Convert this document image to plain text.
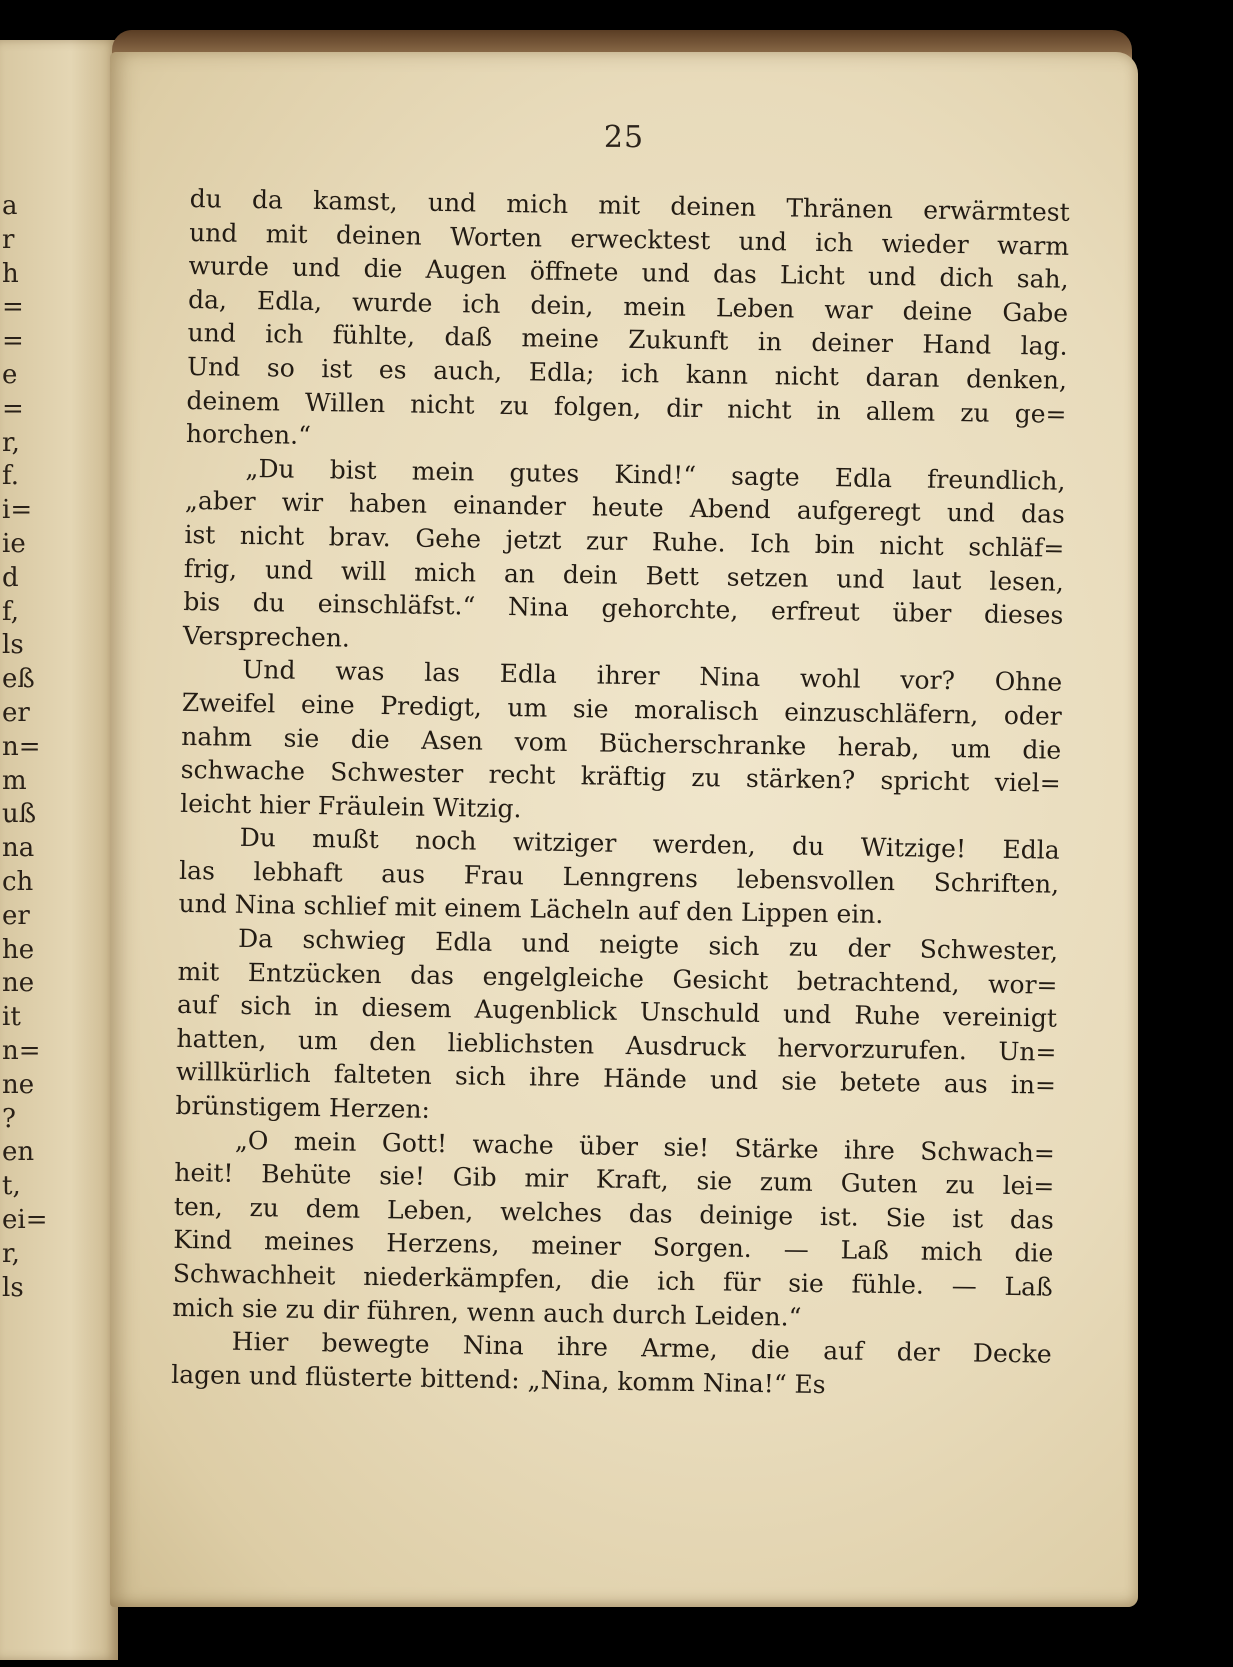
a
r
h
=
=
e
=
r,
f.
i=
ie
d
f,
ls
eß
er
n=
m
uß
na
ch
er
he
ne
it
n=
ne
?
en
t,
ei=
r,
ls
25
du da kamst, und mich mit deinen Thränen erwärmtest
und mit deinen Worten erwecktest und ich wieder warm
wurde und die Augen öffnete und das Licht und dich sah,
da, Edla, wurde ich dein, mein Leben war deine Gabe
und ich fühlte, daß meine Zukunft in deiner Hand lag.
Und so ist es auch, Edla; ich kann nicht daran denken,
deinem Willen nicht zu folgen, dir nicht in allem zu ge=
horchen.“
„Du bist mein gutes Kind!“ sagte Edla freundlich,
„aber wir haben einander heute Abend aufgeregt und das
ist nicht brav. Gehe jetzt zur Ruhe. Ich bin nicht schläf=
frig, und will mich an dein Bett setzen und laut lesen,
bis du einschläfst.“ Nina gehorchte, erfreut über dieses
Versprechen.
Und was las Edla ihrer Nina wohl vor? Ohne
Zweifel eine Predigt, um sie moralisch einzuschläfern, oder
nahm sie die Asen vom Bücherschranke herab, um die
schwache Schwester recht kräftig zu stärken? spricht viel=
leicht hier Fräulein Witzig.
Du mußt noch witziger werden, du Witzige! Edla
las lebhaft aus Frau Lenngrens lebensvollen Schriften,
und Nina schlief mit einem Lächeln auf den Lippen ein.
Da schwieg Edla und neigte sich zu der Schwester,
mit Entzücken das engelgleiche Gesicht betrachtend, wor=
auf sich in diesem Augenblick Unschuld und Ruhe vereinigt
hatten, um den lieblichsten Ausdruck hervorzurufen. Un=
willkürlich falteten sich ihre Hände und sie betete aus in=
brünstigem Herzen:
„O mein Gott! wache über sie! Stärke ihre Schwach=
heit! Behüte sie! Gib mir Kraft, sie zum Guten zu lei=
ten, zu dem Leben, welches das deinige ist. Sie ist das
Kind meines Herzens, meiner Sorgen. — Laß mich die
Schwachheit niederkämpfen, die ich für sie fühle. — Laß
mich sie zu dir führen, wenn auch durch Leiden.“
Hier bewegte Nina ihre Arme, die auf der Decke
lagen und flüsterte bittend: „Nina, komm Nina!“ Es
